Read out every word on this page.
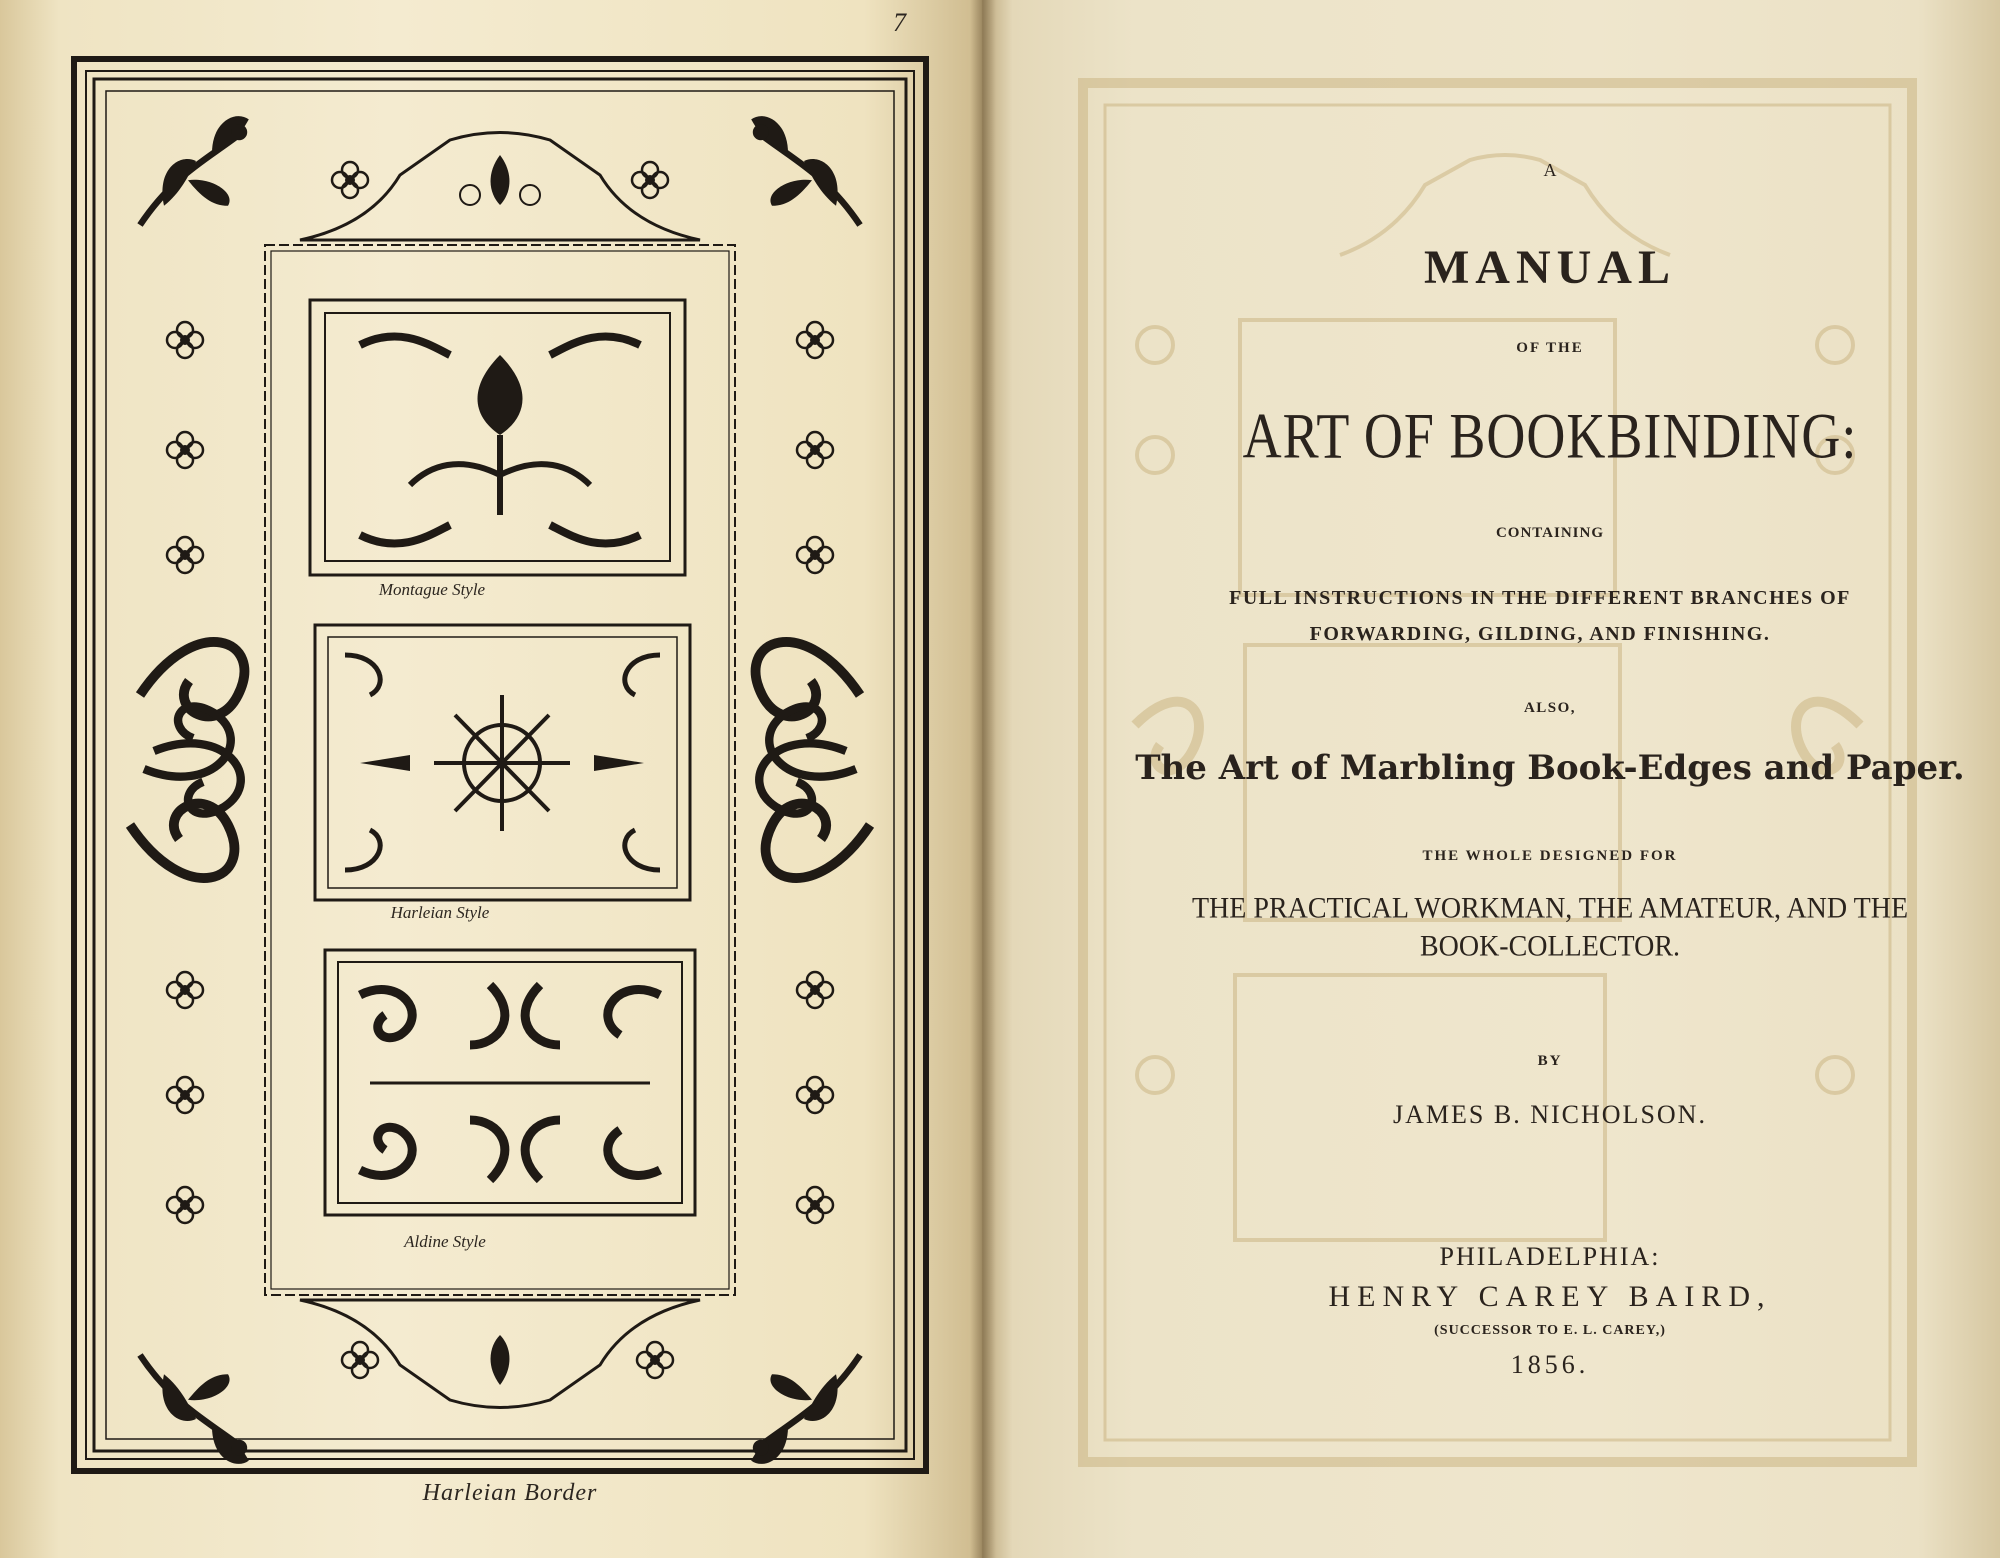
7
Montague Style
Harleian Style
Aldine Style
Harleian Border
A
MANUAL
OF THE
ART OF BOOKBINDING:
CONTAINING
FULL INSTRUCTIONS IN THE DIFFERENT BRANCHES OF
FORWARDING, GILDING, AND FINISHING.
ALSO,
The Art of Marbling Book-Edges and Paper.
THE WHOLE DESIGNED FOR
THE PRACTICAL WORKMAN, THE AMATEUR, AND THE
BOOK-COLLECTOR.
BY
JAMES B. NICHOLSON.
PHILADELPHIA:
HENRY CAREY BAIRD,
(SUCCESSOR TO E. L. CAREY,)
1856.
